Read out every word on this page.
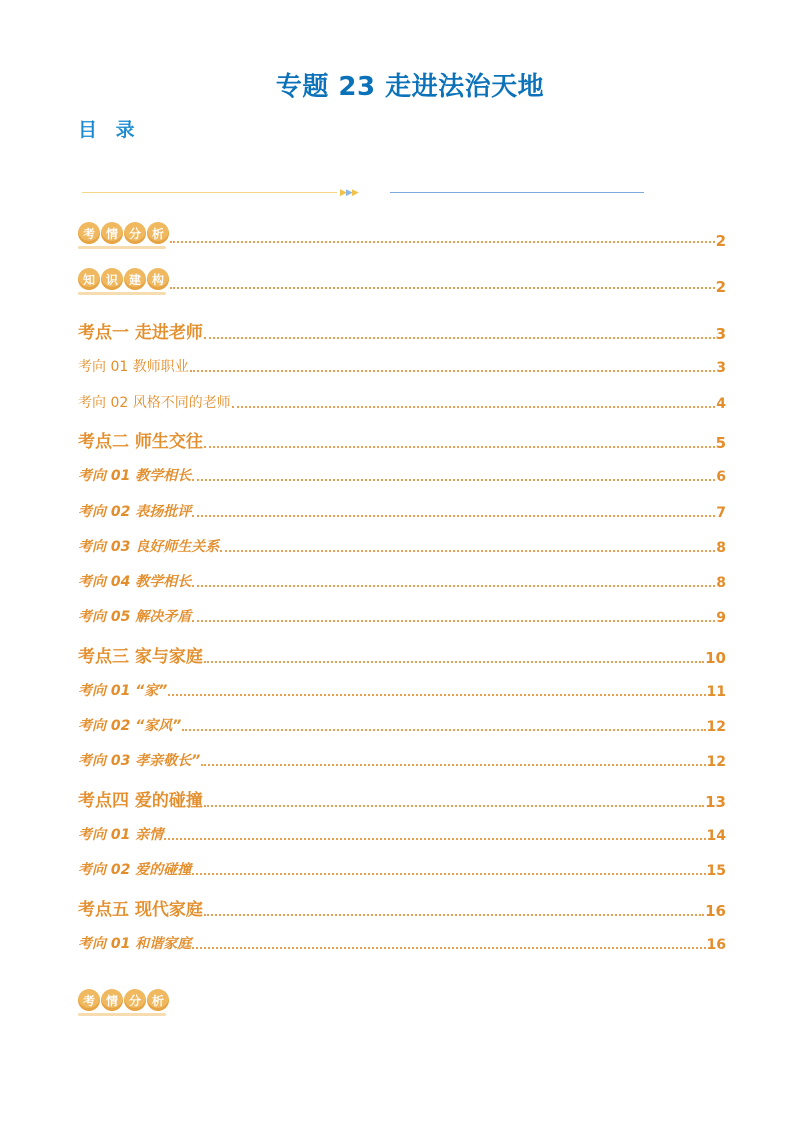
专题 23 走进法治天地
目 录
▶▶▶
考 情 分 析	2
知 识 建 构	2
考点一 走进老师	3
考向 01 教师职业	3
考向 02 风格不同的老师	4
考点二 师生交往	5
考向 01 教学相长	6
考向 02 表扬批评	7
考向 03 良好师生关系	8
考向 04 教学相长	8
考向 05 解决矛盾	9
考点三 家与家庭	10
考向 01 “家”	11
考向 02 “家风”	12
考向 03 孝亲敬长”	12
考点四 爱的碰撞	13
考向 01 亲情	14
考向 02 爱的碰撞	15
考点五 现代家庭	16
考向 01 和谐家庭	16
考 情 分 析
